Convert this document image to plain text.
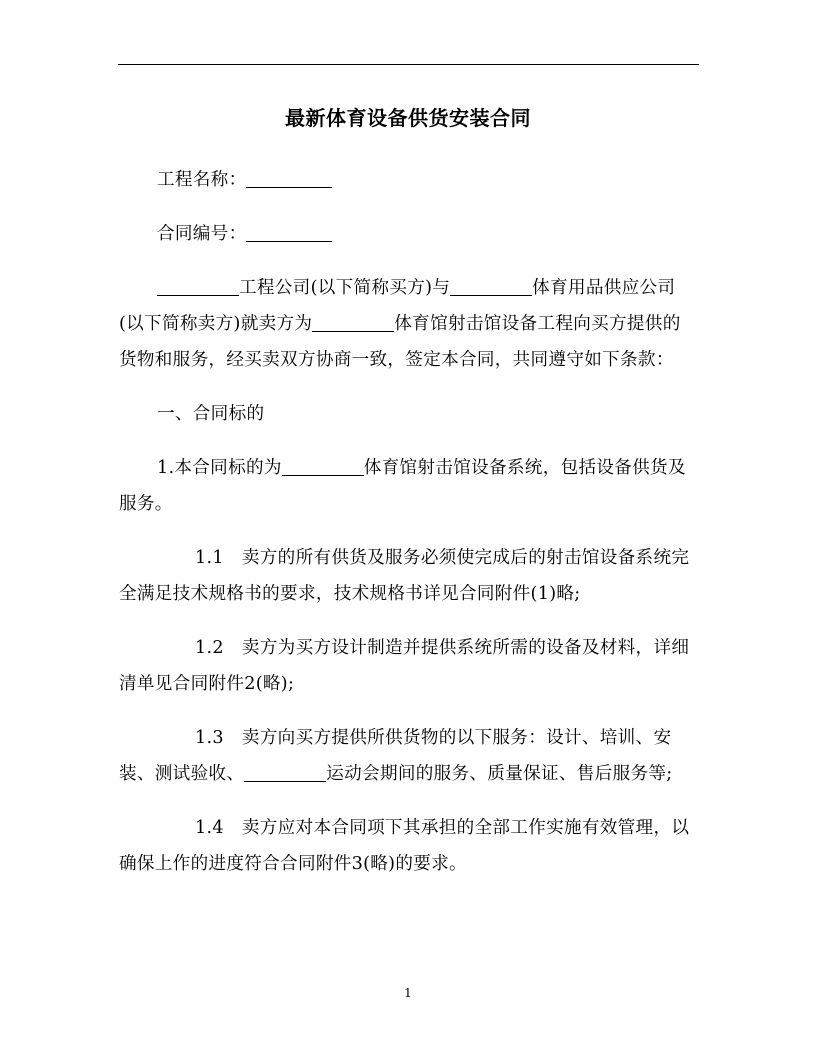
最新体育设备供货安装合同

工程名称：

合同编号：

工程公司(以下简称买方)与	体育用品供应公司(以下简称卖方)就卖方为	体育馆射击馆设备工程向买方提供的货物和服务，经买卖双方协商一致，签定本合同，共同遵守如下条款：

一、合同标的

1.本合同标的为	体育馆射击馆设备系统，包括设备供货及服务。

1.1 卖方的所有供货及服务必须使完成后的射击馆设备系统完全满足技术规格书的要求，技术规格书详见合同附件(1)略;

1.2 卖方为买方设计制造并提供系统所需的设备及材料，详细清单见合同附件2(略);

1.3 卖方向买方提供所供货物的以下服务：设计、培训、安装、测试验收、	运动会期间的服务、质量保证、售后服务等;

1.4 卖方应对本合同项下其承担的全部工作实施有效管理，以确保上作的进度符合合同附件3(略)的要求。

1
